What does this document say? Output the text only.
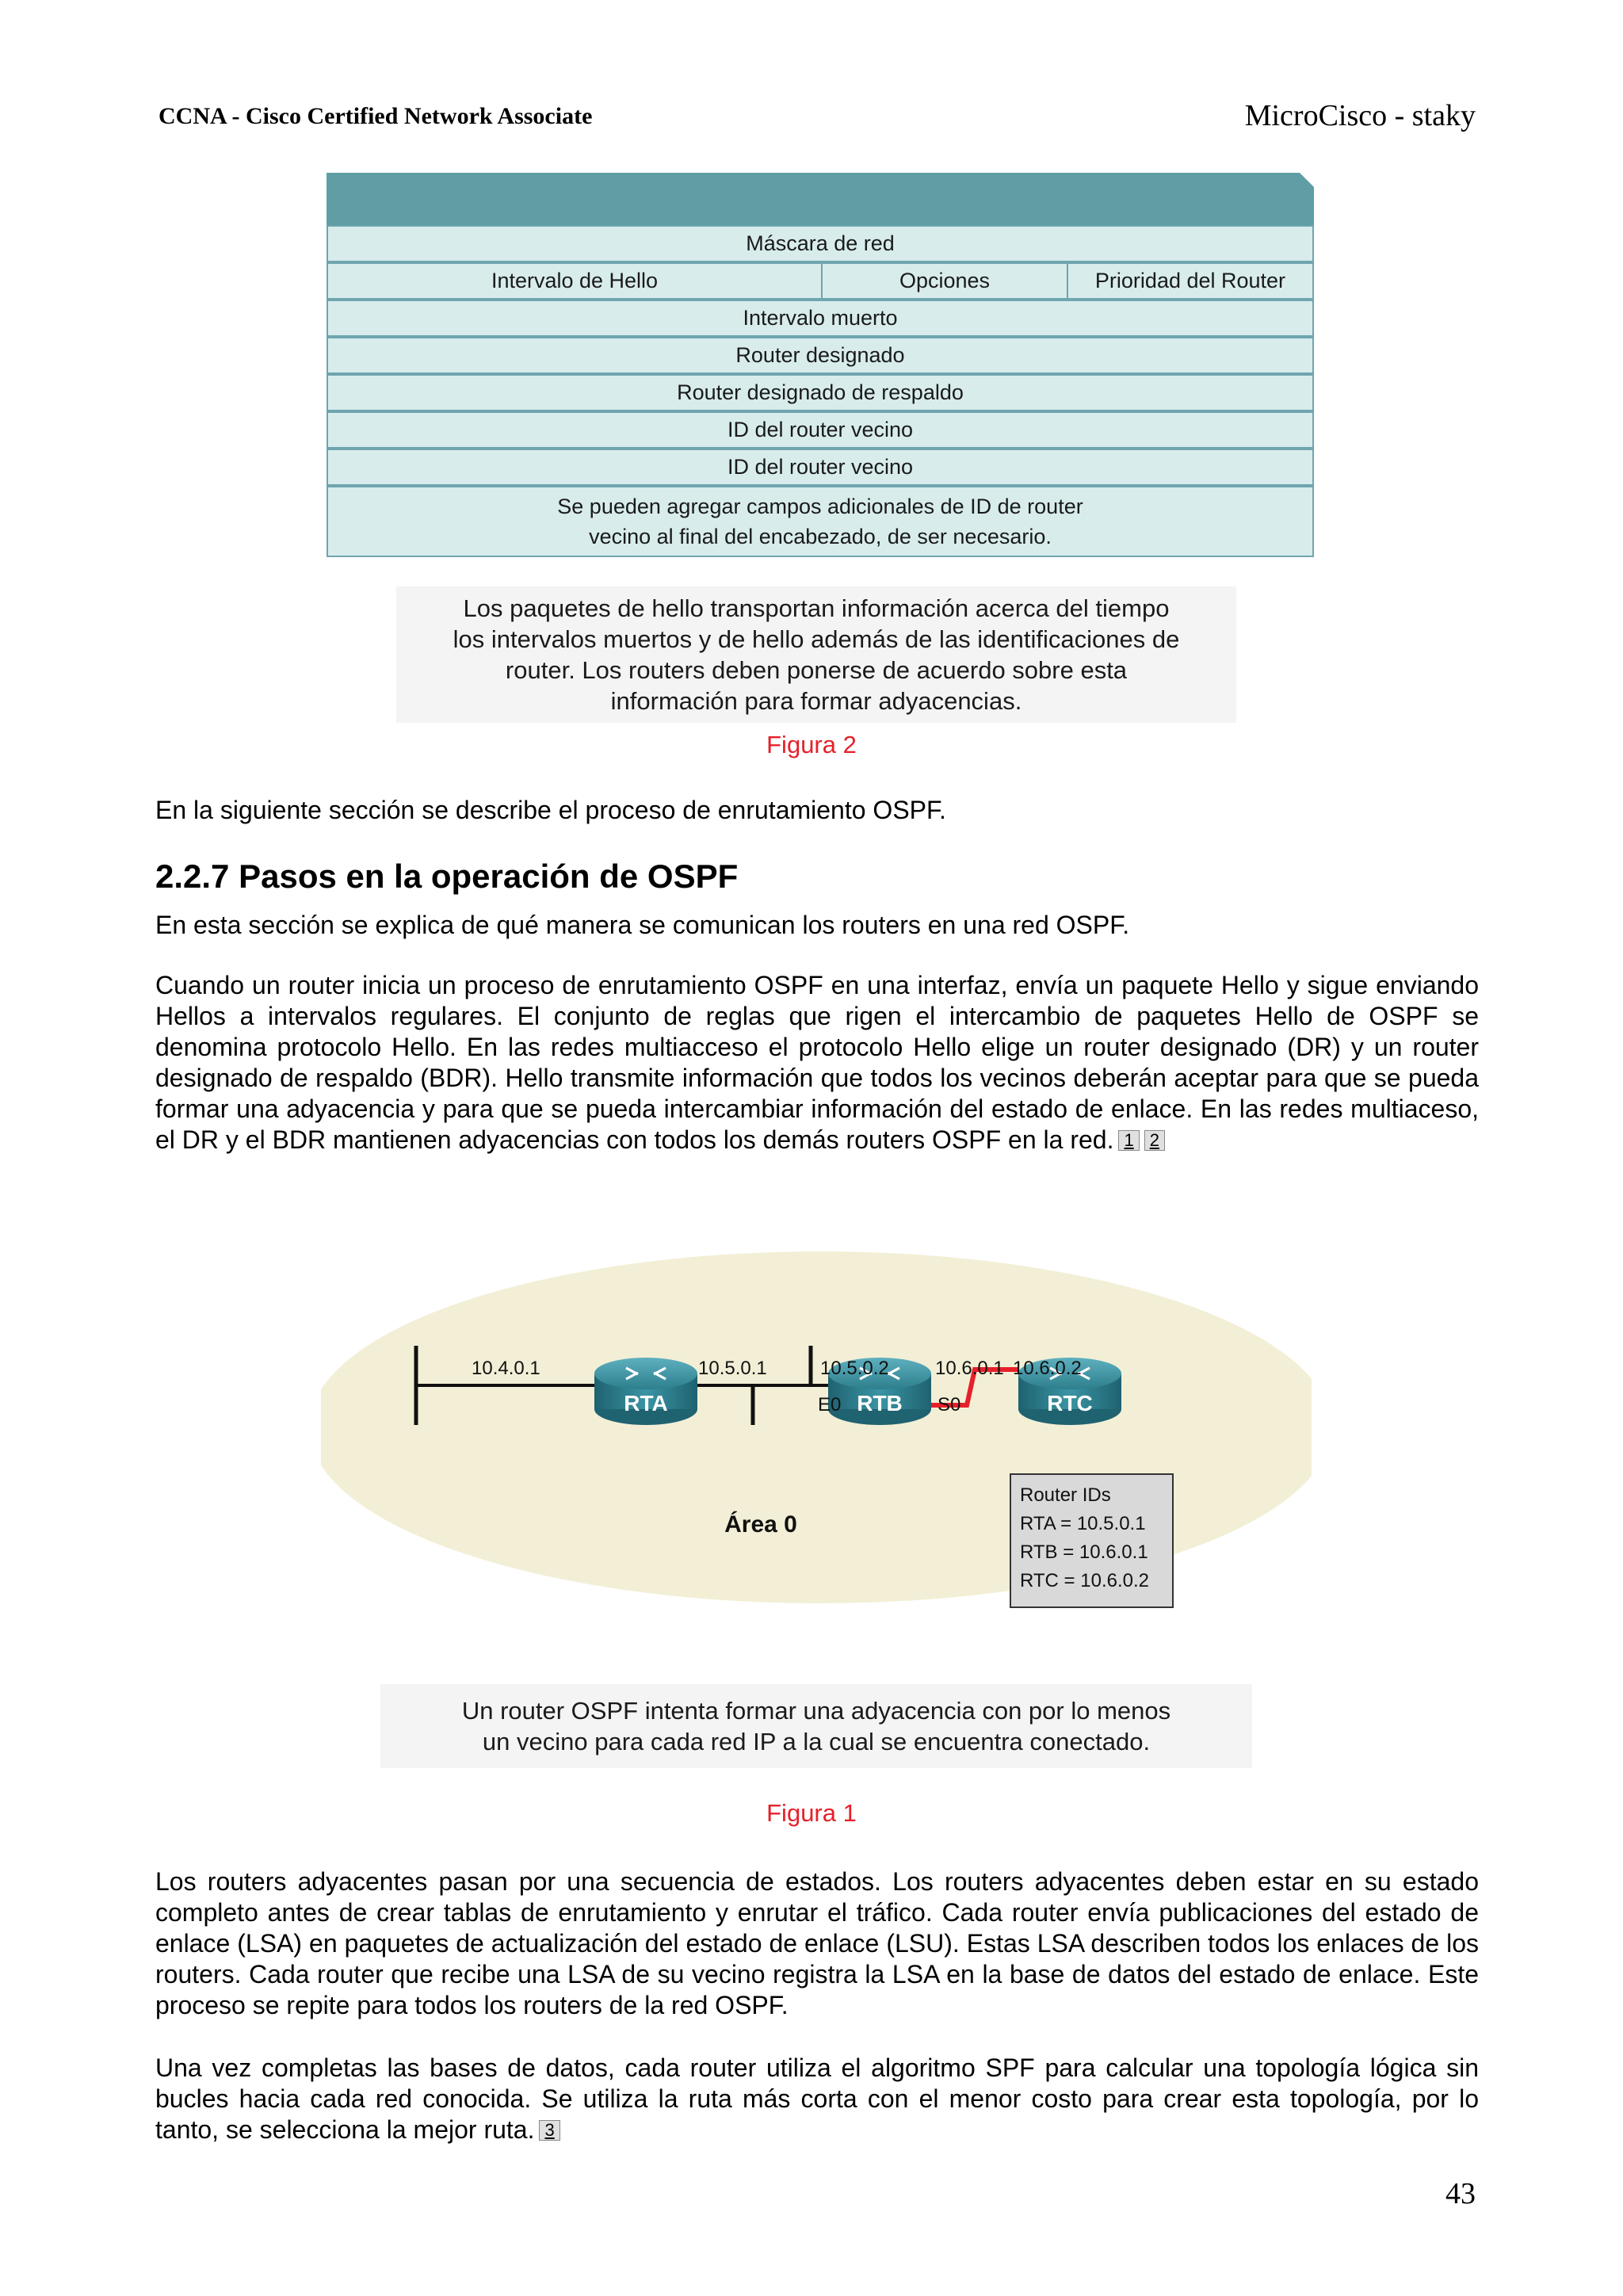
CCNA - Cisco Certified Network Associate	MicroCisco - staky
Máscara de red
Intervalo de Hello	Opciones	Prioridad del Router
Intervalo muerto
Router designado
Router designado de respaldo
ID del router vecino
ID del router vecino
Se pueden agregar campos adicionales de ID de router
vecino al final del encabezado, de ser necesario.
Los paquetes de hello transportan información acerca del tiempo
los intervalos muertos y de hello además de las identificaciones de
router. Los routers deben ponerse de acuerdo sobre esta
información para formar adyacencias.
Figura 2
En la siguiente sección se describe el proceso de enrutamiento OSPF.
2.2.7 Pasos en la operación de OSPF
En esta sección se explica de qué manera se comunican los routers en una red OSPF.
Cuando un router inicia un proceso de enrutamiento OSPF en una interfaz, envía un paquete Hello y sigue enviando Hellos a intervalos regulares. El conjunto de reglas que rigen el intercambio de paquetes Hello de OSPF se denomina protocolo Hello. En las redes multiacceso el protocolo Hello elige un router designado (DR) y un router designado de respaldo (BDR). Hello transmite información que todos los vecinos deberán aceptar para que se pueda formar una adyacencia y para que se pueda intercambiar información del estado de enlace. En las redes multiaceso, el DR y el BDR mantienen adyacencias con todos los demás routers OSPF en la red. 1 2
RTA	RTB	RTC
10.4.0.1	10.5.0.1	10.5.0.2 10.6.0.1 10.6.0.2
E0	S0
Área 0
Router IDs
RTA = 10.5.0.1
RTB = 10.6.0.1
RTC = 10.6.0.2
Un router OSPF intenta formar una adyacencia con por lo menos
un vecino para cada red IP a la cual se encuentra conectado.
Figura 1
Los routers adyacentes pasan por una secuencia de estados. Los routers adyacentes deben estar en su estado completo antes de crear tablas de enrutamiento y enrutar el tráfico. Cada router envía publicaciones del estado de enlace (LSA) en paquetes de actualización del estado de enlace (LSU). Estas LSA describen todos los enlaces de los routers. Cada router que recibe una LSA de su vecino registra la LSA en la base de datos del estado de enlace. Este proceso se repite para todos los routers de la red OSPF.
Una vez completas las bases de datos, cada router utiliza el algoritmo SPF para calcular una topología lógica sin bucles hacia cada red conocida. Se utiliza la ruta más corta con el menor costo para crear esta topología, por lo tanto, se selecciona la mejor ruta. 3
43
